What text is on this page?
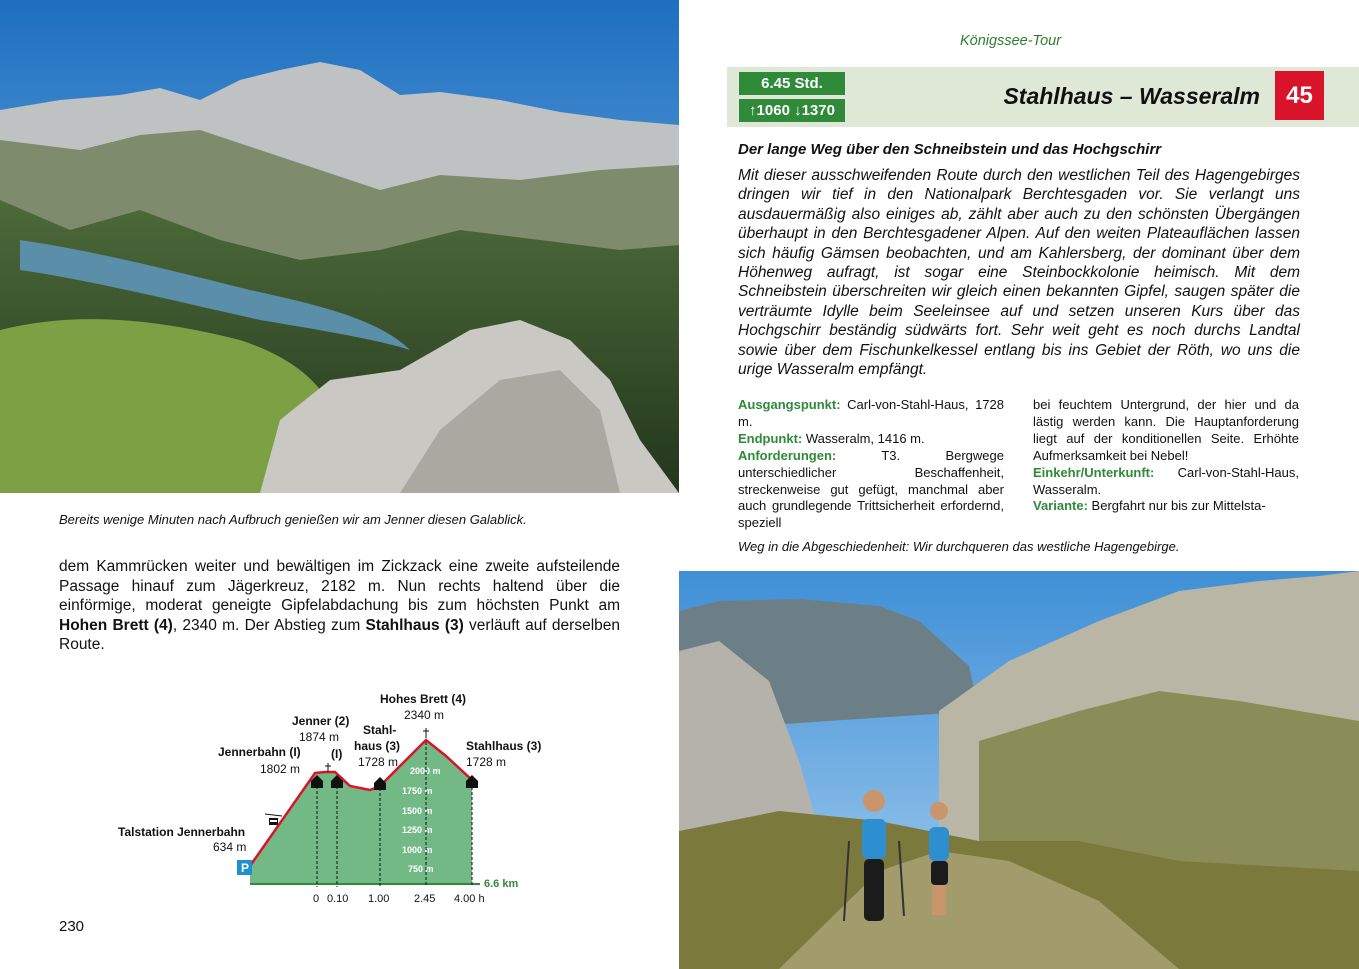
Bereits wenige Minuten nach Aufbruch genießen wir am Jenner diesen Galablick.
Königssee-Tour
6.45 Std.
↑1060 ↓1370
Stahlhaus – Wasseralm	45
Der lange Weg über den Schneibstein und das Hochgschirr
Mit dieser ausschweifenden Route durch den westlichen Teil des Hagengebirges dringen wir tief in den Nationalpark Berchtesgaden vor. Sie verlangt uns ausdauermäßig also einiges ab, zählt aber auch zu den schönsten Übergängen überhaupt in den Berchtesgadener Alpen. Auf den weiten Plateauflächen lassen sich häufig Gämsen beobachten, und am Kahlersberg, der dominant über dem Höhenweg aufragt, ist sogar eine Steinbockkolonie heimisch. Mit dem Schneibstein überschreiten wir gleich einen bekannten Gipfel, saugen später die verträumte Idylle beim Seeleinsee auf und setzen unseren Kurs über das Hochgschirr beständig südwärts fort. Sehr weit geht es noch durchs Landtal sowie über dem Fischunkelkessel entlang bis ins Gebiet der Röth, wo uns die urige Wasseralm empfängt.
Ausgangspunkt: Carl-von-Stahl-Haus, 1728 m.
Endpunkt: Wasseralm, 1416 m.
Anforderungen:	T3. Bergwege unterschiedlicher Beschaffenheit, streckenweise gut gefügt, manchmal aber auch grundlegende Trittsicherheit erfordernd, speziell
bei feuchtem Untergrund, der hier und da lästig werden kann. Die Hauptanforderung liegt auf der konditionellen Seite. Erhöhte Aufmerksamkeit bei Nebel!
Einkehr/Unterkunft: Carl-von-Stahl-Haus, Wasseralm.
Variante: Bergfahrt nur bis zur Mittelsta-
Weg in die Abgeschiedenheit: Wir durchqueren das westliche Hagengebirge.
dem Kammrücken weiter und bewältigen im Zickzack eine zweite aufsteilende Passage hinauf zum Jägerkreuz, 2182 m. Nun rechts haltend über die einförmige, moderat geneigte Gipfelabdachung bis zum höchsten Punkt am Hohen Brett (4), 2340 m. Der Abstieg zum Stahlhaus (3) verläuft auf derselben Route.
2000 m
1750 m
1500 m
1250 m
1000 m
750 m
P
Talstation Jennerbahn
634 m
Jennerbahn (I)
1802 m
Jenner (2)
1874 m
(I)
Stahl-
haus (3)
1728 m
Hohes Brett (4)
2340 m
Stahlhaus (3)
1728 m
6.6 km
0 0.10 1.00 2.45 4.00 h
230
